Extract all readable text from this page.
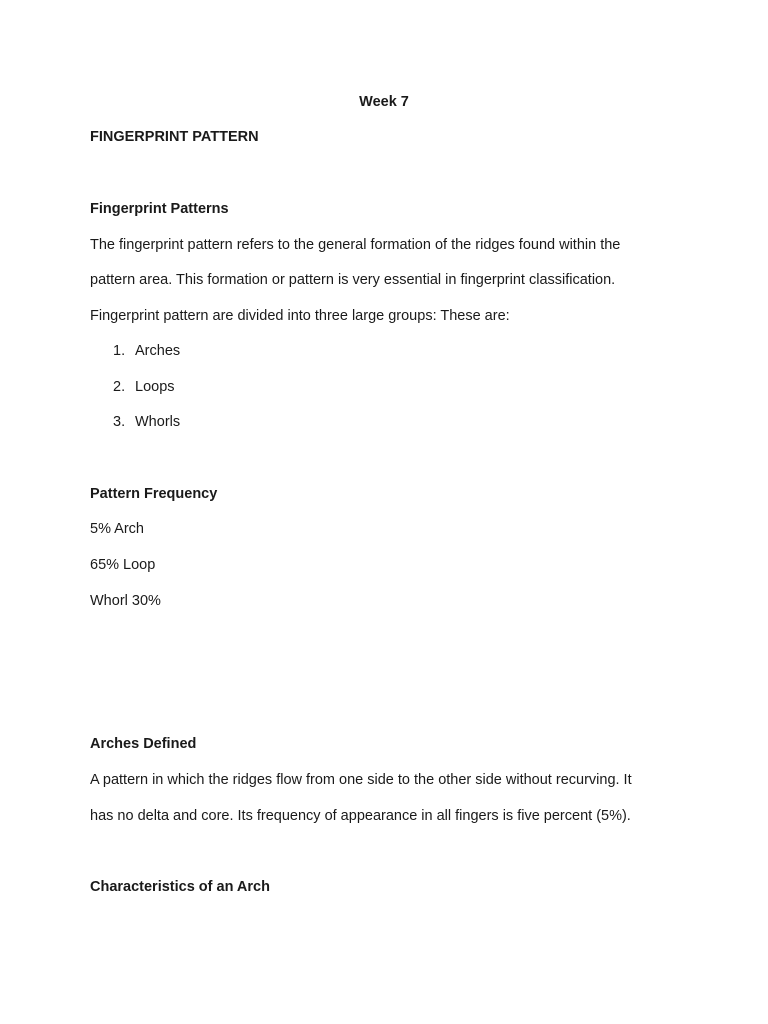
Week 7
FINGERPRINT PATTERN
Fingerprint Patterns
The fingerprint pattern refers to the general formation of the ridges found within the
pattern area. This formation or pattern is very essential in fingerprint classification.
Fingerprint pattern are divided into three large groups: These are:
1. Arches
2. Loops
3. Whorls
Pattern Frequency
5% Arch
65% Loop
Whorl 30%
Arches Defined
A pattern in which the ridges flow from one side to the other side without recurving. It
has no delta and core. Its frequency of appearance in all fingers is five percent (5%).
Characteristics of an Arch
